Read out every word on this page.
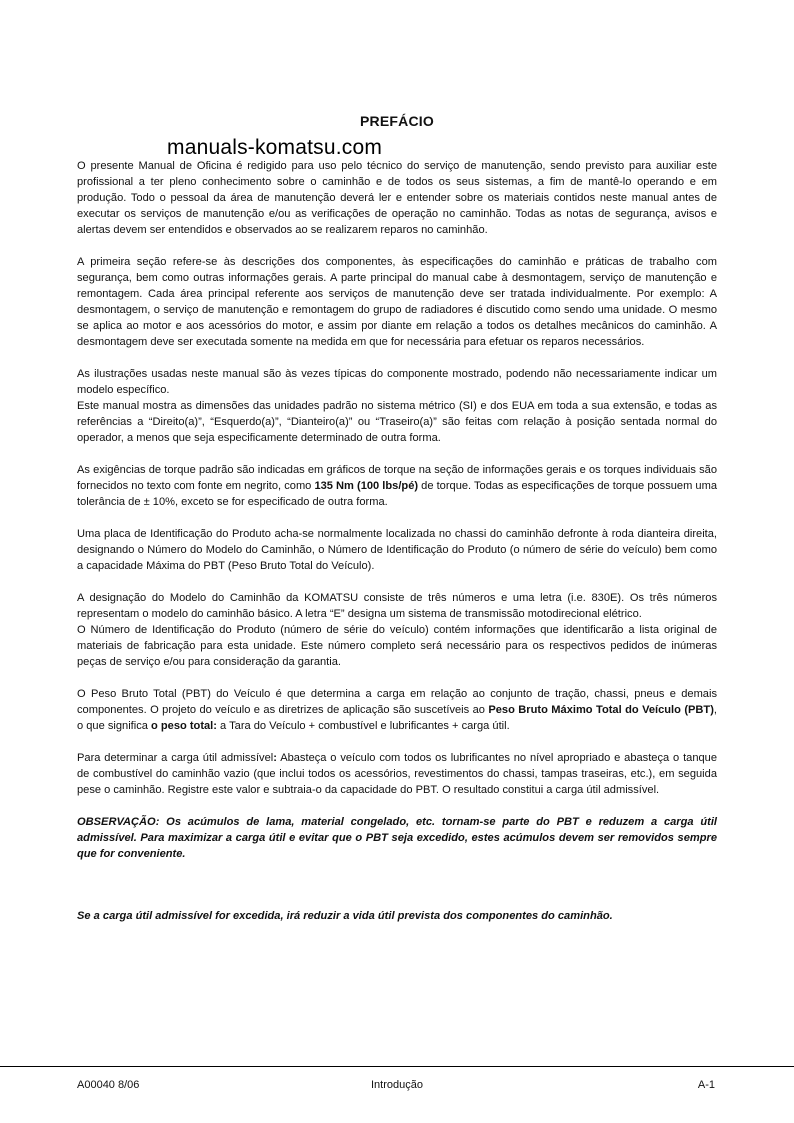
PREFÁCIO
manuals-komatsu.com

O presente Manual de Oficina é redigido para uso pelo técnico do serviço de manutenção, sendo previsto para auxiliar este profissional a ter pleno conhecimento sobre o caminhão e de todos os seus sistemas, a fim de mantê-lo operando e em produção. Todo o pessoal da área de manutenção deverá ler e entender sobre os materiais contidos neste manual antes de executar os serviços de manutenção e/ou as verificações de operação no caminhão. Todas as notas de segurança, avisos e alertas devem ser entendidos e observados ao se realizarem reparos no caminhão.

A primeira seção refere-se às descrições dos componentes, às especificações do caminhão e práticas de trabalho com segurança, bem como outras informações gerais. A parte principal do manual cabe à desmontagem, serviço de manutenção e remontagem. Cada área principal referente aos serviços de manutenção deve ser tratada individualmente. Por exemplo: A desmontagem, o serviço de manutenção e remontagem do grupo de radiadores é discutido como sendo uma unidade. O mesmo se aplica ao motor e aos acessórios do motor, e assim por diante em relação a todos os detalhes mecânicos do caminhão. A desmontagem deve ser executada somente na medida em que for necessária para efetuar os reparos necessários.

As ilustrações usadas neste manual são às vezes típicas do componente mostrado, podendo não necessariamente indicar um modelo específico.

Este manual mostra as dimensões das unidades padrão no sistema métrico (SI) e dos EUA em toda a sua extensão, e todas as referências a “Direito(a)”, “Esquerdo(a)”, “Dianteiro(a)” ou “Traseiro(a)” são feitas com relação à posição sentada normal do operador, a menos que seja especificamente determinado de outra forma.

As exigências de torque padrão são indicadas em gráficos de torque na seção de informações gerais e os torques individuais são fornecidos no texto com fonte em negrito, como 135 Nm (100 lbs/pé) de torque. Todas as especificações de torque possuem uma tolerância de ± 10%, exceto se for especificado de outra forma.

Uma placa de Identificação do Produto acha-se normalmente localizada no chassi do caminhão defronte à roda dianteira direita, designando o Número do Modelo do Caminhão, o Número de Identificação do Produto (o número de série do veículo) bem como a capacidade Máxima do PBT (Peso Bruto Total do Veículo).

A designação do Modelo do Caminhão da KOMATSU consiste de três números e uma letra (i.e. 830E). Os três números representam o modelo do caminhão básico. A letra “E” designa um sistema de transmissão motodirecional elétrico.

O Número de Identificação do Produto (número de série do veículo) contém informações que identificarão a lista original de materiais de fabricação para esta unidade. Este número completo será necessário para os respectivos pedidos de inúmeras peças de serviço e/ou para consideração da garantia.

O Peso Bruto Total (PBT) do Veículo é que determina a carga em relação ao conjunto de tração, chassi, pneus e demais componentes. O projeto do veículo e as diretrizes de aplicação são suscetíveis ao Peso Bruto Máximo Total do Veículo (PBT), o que significa o peso total: a Tara do Veículo + combustível e lubrificantes + carga útil.

Para determinar a carga útil admissível: Abasteça o veículo com todos os lubrificantes no nível apropriado e abasteça o tanque de combustível do caminhão vazio (que inclui todos os acessórios, revestimentos do chassi, tampas traseiras, etc.), em seguida pese o caminhão. Registre este valor e subtraia-o da capacidade do PBT. O resultado constitui a carga útil admissível.

OBSERVAÇÃO: Os acúmulos de lama, material congelado, etc. tornam-se parte do PBT e reduzem a carga útil admissível. Para maximizar a carga útil e evitar que o PBT seja excedido, estes acúmulos devem ser removidos sempre que for conveniente.

Se a carga útil admissível for excedida, irá reduzir a vida útil prevista dos componentes do caminhão.

A00040 8/06	Introdução	A-1
